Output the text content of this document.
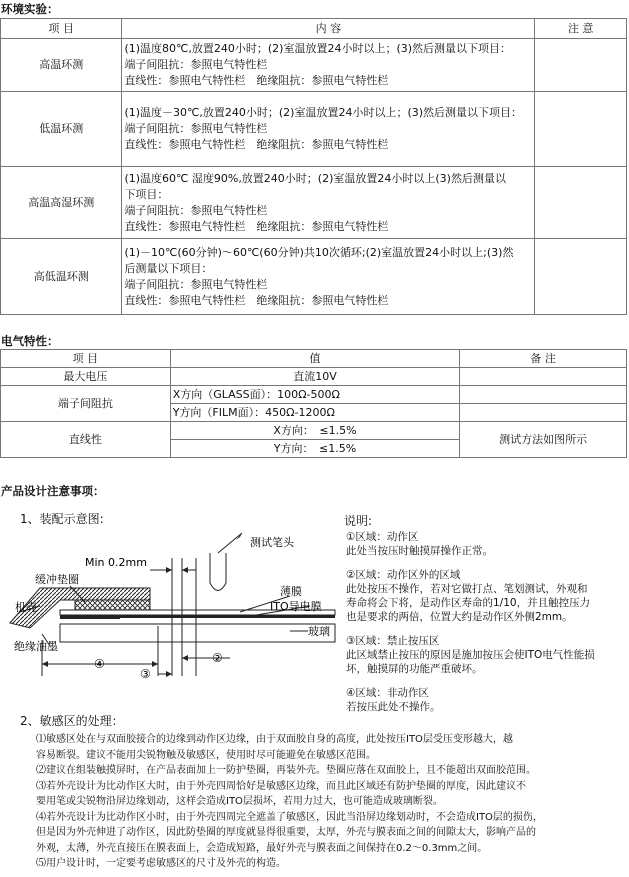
环境实验：
项 目	内 容	注 意
高温环测	(1)温度80℃,放置240小时；(2)室温放置24小时以上；(3)然后测量以下项目：
端子间阻抗：参照电气特性栏
直线性：参照电气特性栏　绝缘阻抗：参照电气特性栏	

低温环测	(1)温度－30℃,放置240小时；(2)室温放置24小时以上；(3)然后测量以下项目：
端子间阻抗：参照电气特性栏
直线性：参照电气特性栏　绝缘阻抗：参照电气特性栏	

高温高湿环测	(1)温度60℃ 湿度90%,放置240小时；(2)室温放置24小时以上(3)然后测量以
下项目：
端子间阻抗：参照电气特性栏
直线性：参照电气特性栏　绝缘阻抗：参照电气特性栏	

高低温环测	(1)－10℃(60分钟)～60℃(60分钟)共10次循环;(2)室温放置24小时以上;(3)然
后测量以下项目：
端子间阻抗：参照电气特性栏
直线性：参照电气特性栏　绝缘阻抗：参照电气特性栏	

电气特性：
项 目	值	备 注
最大电压	直流10V	
端子间阻抗	X方向（GLASS面）：100Ω-500Ω	
	Y方向（FILM面）：450Ω-1200Ω	
直线性	X方向：　≤1.5%	测试方法如图所示
	Y方向：　≤1.5%	
产品设计注意事项：
1、装配示意图:
Min 0.2mm
测试笔头
缓冲垫圈
机壳
薄膜
ITO导电膜
玻璃
绝缘油墨
④	②
③
说明:
①区域：动作区
此处当按压时触摸屏操作正常。
②区域：动作区外的区域
此处按压不操作，若对它做打点、笔划测试，外观和
寿命将会下将，是动作区寿命的1/10，并且触控压力
也是要求的两倍，位置大约是动作区外侧2mm。
③区域：禁止按压区
此区域禁止按压的原因是施加按压会使ITO电气性能损
坏，触摸屏的功能严重破坏。
④区域：非动作区
若按压此处不操作。
2、敏感区的处理：
⑴敏感区处在与双面胶接合的边缘到动作区边缘，由于双面胶自身的高度，此处按压ITO层受压变形越大，越
容易断裂。建议不能用尖锐物触及敏感区，使用时尽可能避免在敏感区范围。
⑵建议在组装触摸屏时，在产品表面加上一防护垫圈，再装外壳。垫圈应落在双面胶上，且不能超出双面胶范围。
⑶若外壳设计为比动作区大时，由于外壳四周恰好是敏感区边缘，而且此区域还有防护垫圈的厚度，因此建议不
要用笔或尖锐物沿屏边缘划动，这样会造成ITO层损坏，若用力过大，也可能造成玻璃断裂。
⑷若外壳设计为比动作区小时，由于外壳四周完全遮盖了敏感区，因此当沿屏边缘划动时，不会造成ITO层的损伤，
但是因为外壳伸进了动作区，因此防垫圈的厚度就显得很重要，太厚，外壳与膜表面之间的间隙太大，影响产品的
外观，太薄，外壳直接压在膜表面上，会造成短路，最好外壳与膜表面之间保持在0.2～0.3mm之间。
⑸用户设计时，一定要考虑敏感区的尺寸及外壳的构造。
